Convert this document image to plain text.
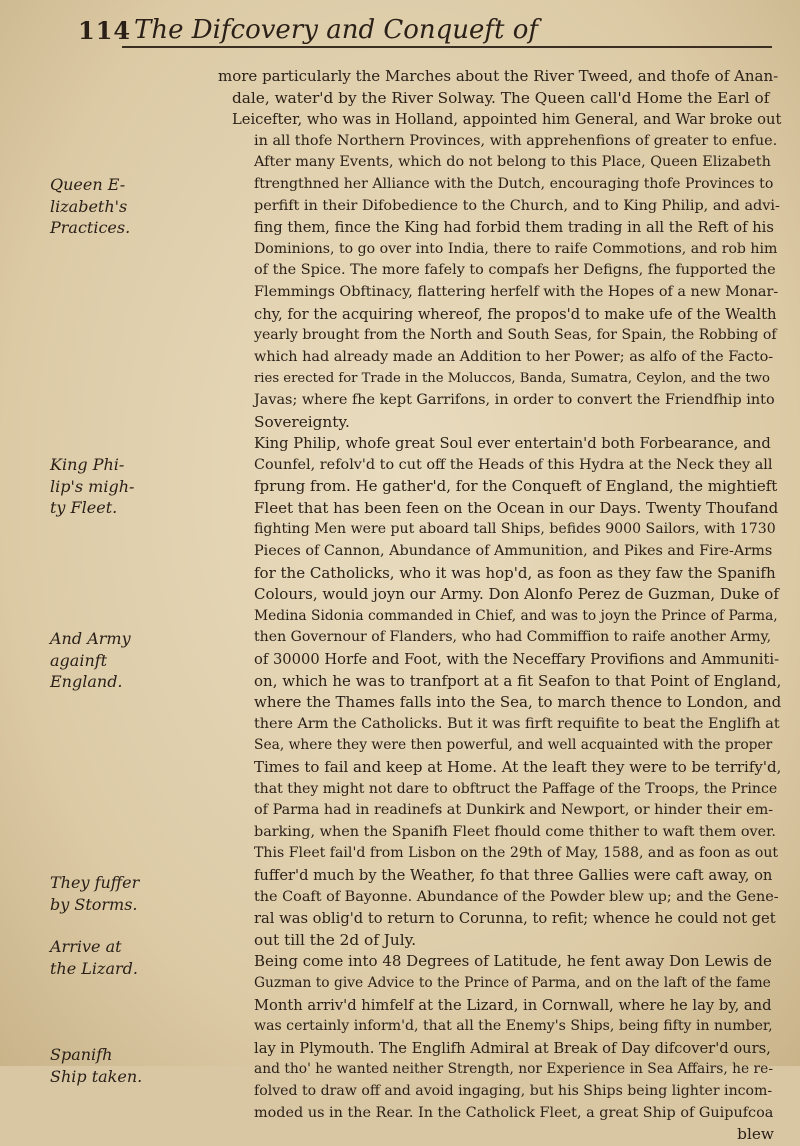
114 The Difcovery and Conqueft of
Queen E-
lizabeth's
Practices.
King Phi-
lip's migh-
ty Fleet.
And Army
againft
England.
They fuffer
by Storms.
Arrive at
the Lizard.
Spanifh
Ship taken.
more particularly the Marches about the River Tweed, and thofe of Anan-
dale, water'd by the River Solway. The Queen call'd Home the Earl of
Leicefter, who was in Holland, appointed him General, and War broke out
in all thofe Northern Provinces, with apprehenfions of greater to enfue.
After many Events, which do not belong to this Place, Queen Elizabeth
ftrengthned her Alliance with the Dutch, encouraging thofe Provinces to
perfift in their Difobedience to the Church, and to King Philip, and advi-
fing them, fince the King had forbid them trading in all the Reft of his
Dominions, to go over into India, there to raife Commotions, and rob him
of the Spice. The more fafely to compafs her Defigns, fhe fupported the
Flemmings Obftinacy, flattering herfelf with the Hopes of a new Monar-
chy, for the acquiring whereof, fhe propos'd to make ufe of the Wealth
yearly brought from the North and South Seas, for Spain, the Robbing of
which had already made an Addition to her Power; as alfo of the Facto-
ries erected for Trade in the Moluccos, Banda, Sumatra, Ceylon, and the two
Javas; where fhe kept Garrifons, in order to convert the Friendfhip into
Sovereignty.
King Philip, whofe great Soul ever entertain'd both Forbearance, and
Counfel, refolv'd to cut off the Heads of this Hydra at the Neck they all
fprung from. He gather'd, for the Conqueft of England, the mightieft
Fleet that has been feen on the Ocean in our Days. Twenty Thoufand
fighting Men were put aboard tall Ships, befides 9000 Sailors, with 1730
Pieces of Cannon, Abundance of Ammunition, and Pikes and Fire-Arms
for the Catholicks, who it was hop'd, as foon as they faw the Spanifh
Colours, would joyn our Army. Don Alonfo Perez de Guzman, Duke of
Medina Sidonia commanded in Chief, and was to joyn the Prince of Parma,
then Governour of Flanders, who had Commiffion to raife another Army,
of 30000 Horfe and Foot, with the Neceffary Provifions and Ammuniti-
on, which he was to tranfport at a fit Seafon to that Point of England,
where the Thames falls into the Sea, to march thence to London, and
there Arm the Catholicks. But it was firft requifite to beat the Englifh at
Sea, where they were then powerful, and well acquainted with the proper
Times to fail and keep at Home. At the leaft they were to be terrify'd,
that they might not dare to obftruct the Paffage of the Troops, the Prince
of Parma had in readinefs at Dunkirk and Newport, or hinder their em-
barking, when the Spanifh Fleet fhould come thither to waft them over.
This Fleet fail'd from Lisbon on the 29th of May, 1588, and as foon as out
fuffer'd much by the Weather, fo that three Gallies were caft away, on
the Coaft of Bayonne. Abundance of the Powder blew up; and the Gene-
ral was oblig'd to return to Corunna, to refit; whence he could not get
out till the 2d of July.
Being come into 48 Degrees of Latitude, he fent away Don Lewis de
Guzman to give Advice to the Prince of Parma, and on the laft of the fame
Month arriv'd himfelf at the Lizard, in Cornwall, where he lay by, and
was certainly inform'd, that all the Enemy's Ships, being fifty in number,
lay in Plymouth. The Englifh Admiral at Break of Day difcover'd ours,
and tho' he wanted neither Strength, nor Experience in Sea Affairs, he re-
folved to draw off and avoid ingaging, but his Ships being lighter incom-
moded us in the Rear. In the Catholick Fleet, a great Ship of Guipufcoa
blew
